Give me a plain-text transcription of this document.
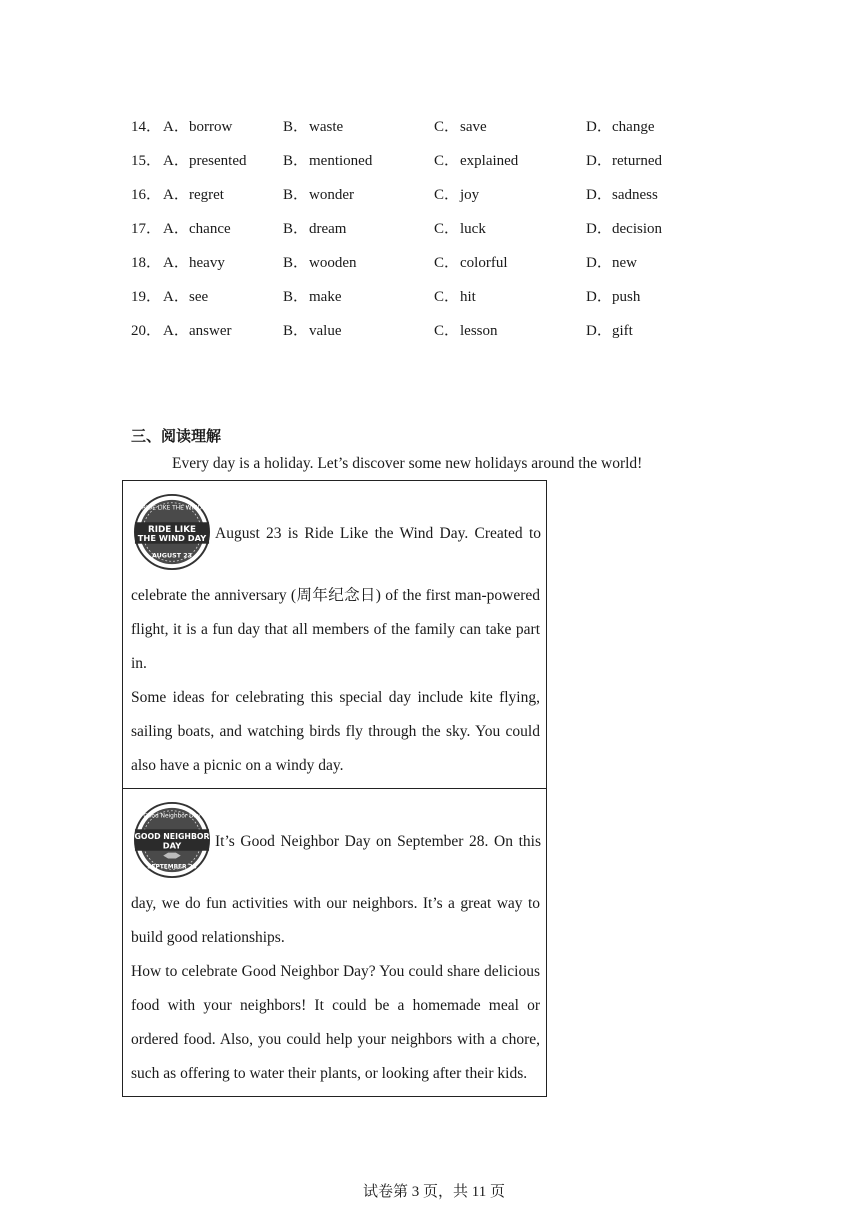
14． A．borrow	B．waste	C．save	D．change
15． A．presented B．mentioned	C．explained	D．returned
16． A．regret	B．wonder	C．joy	D．sadness
17． A．chance	B．dream	C．luck	D．decision
18． A．heavy	B．wooden	C．colorful	D．new
19． A．see	B．make	C．hit	D．push
20． A．answer	B．value	C．lesson	D．gift
三、阅读理解
Every day is a holiday. Let’s discover some new holidays around the world!
RIDE LIKE THE WIND
RIDE LIKE
THE WIND DAY
AUGUST 23
August 23 is Ride Like the Wind Day. Created to
celebrate the anniversary (周年纪念日) of the first man-powered
flight, it is a fun day that all members of the family can take part
in.
Some ideas for celebrating this special day include kite flying,
sailing boats, and watching birds fly through the sky. You could
also have a picnic on a windy day.
Good Neighbor Day
GOOD NEIGHBOR
DAY
SEPTEMBER 28
It’s Good Neighbor Day on September 28. On this
day, we do fun activities with our neighbors. It’s a great way to
build good relationships.
How to celebrate Good Neighbor Day? You could share delicious
food with your neighbors! It could be a homemade meal or
ordered food. Also, you could help your neighbors with a chore,
such as offering to water their plants, or looking after their kids.
试卷第 3 页，共 11 页
